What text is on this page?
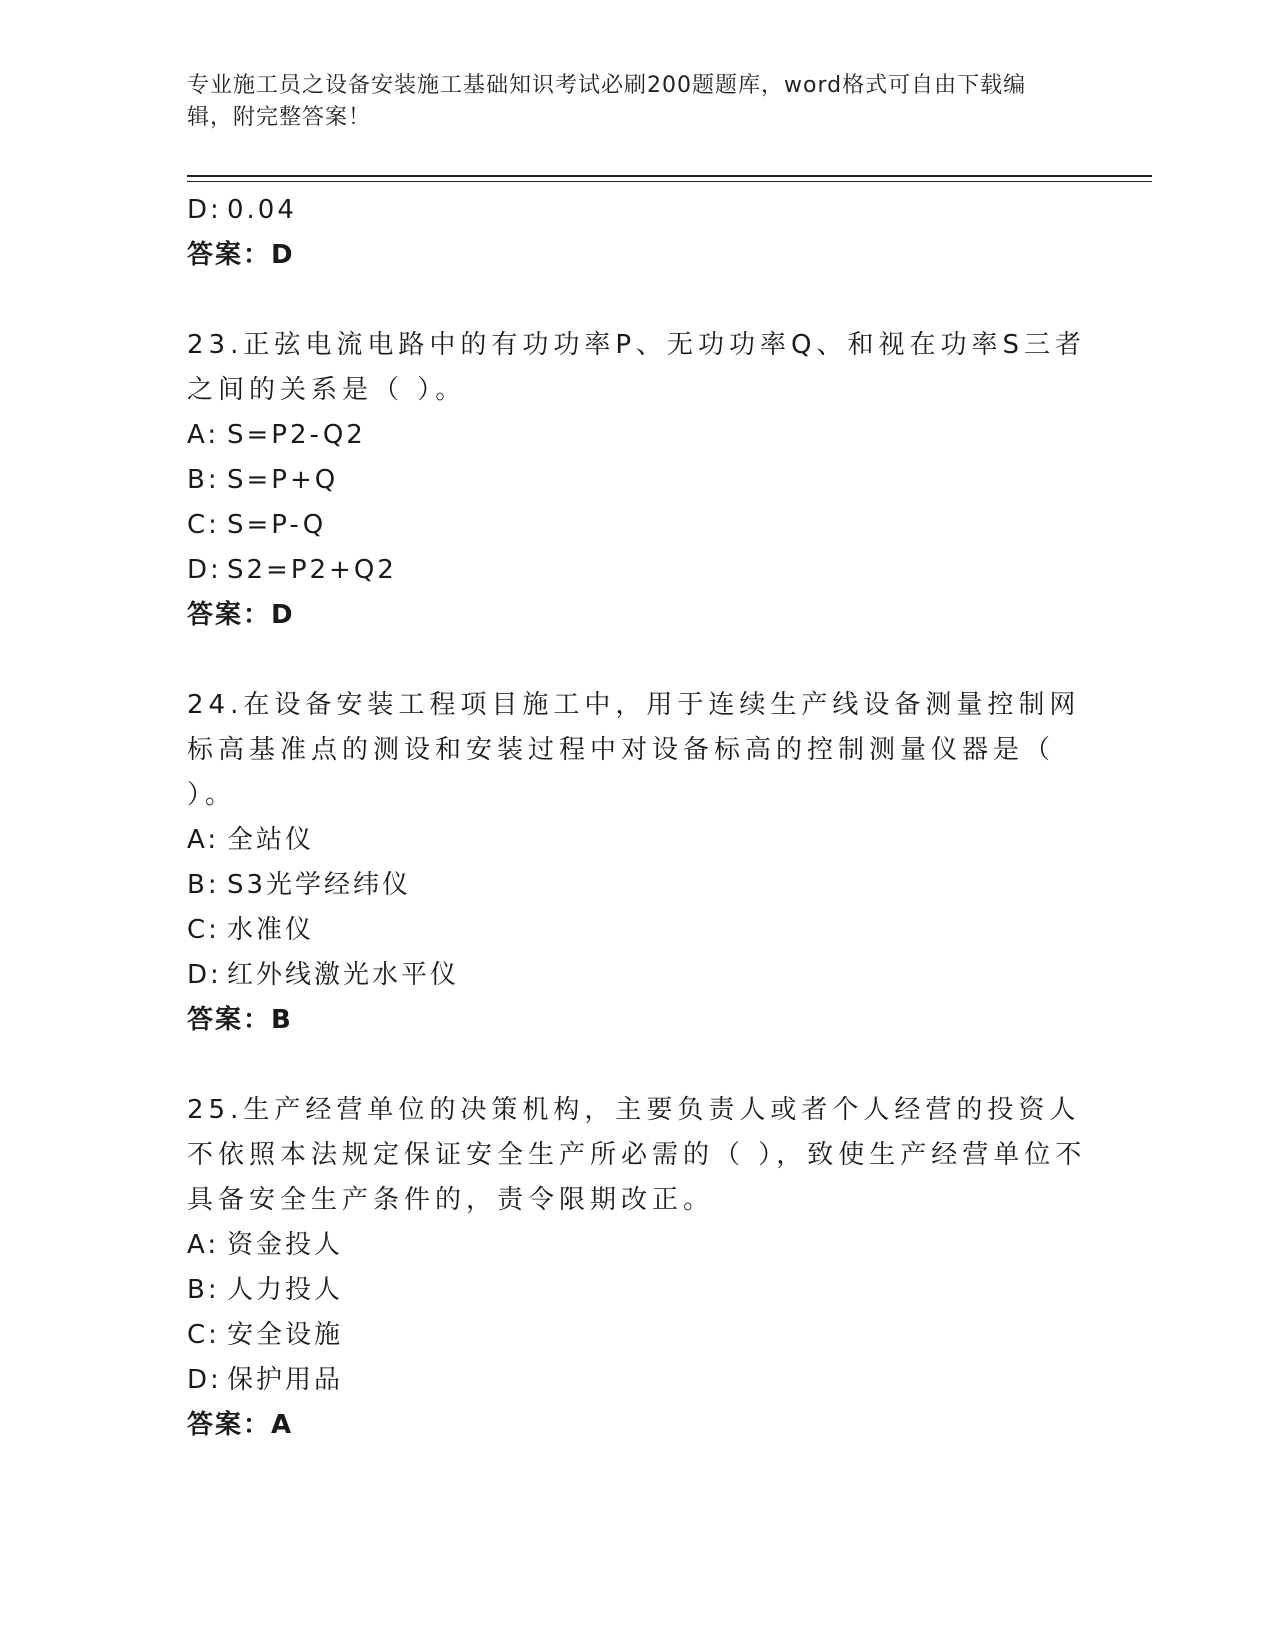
专业施工员之设备安装施工基础知识考试必刷200题题库，word格式可自由下载编辑，附完整答案！
D: 0.04
答案：D
23.正弦电流电路中的有功功率P、无功功率Q、和视在功率S三者之间的关系是（ ）。
A: S=P2-Q2
B: S=P+Q
C: S=P-Q
D: S2=P2+Q2
答案：D
24.在设备安装工程项目施工中，用于连续生产线设备测量控制网标高基准点的测设和安装过程中对设备标高的控制测量仪器是（ ）。
A: 全站仪
B: S3光学经纬仪
C: 水准仪
D: 红外线激光水平仪
答案：B
25.生产经营单位的决策机构，主要负责人或者个人经营的投资人不依照本法规定保证安全生产所必需的（ ），致使生产经营单位不具备安全生产条件的，责令限期改正。
A: 资金投人
B: 人力投人
C: 安全设施
D: 保护用品
答案：A
